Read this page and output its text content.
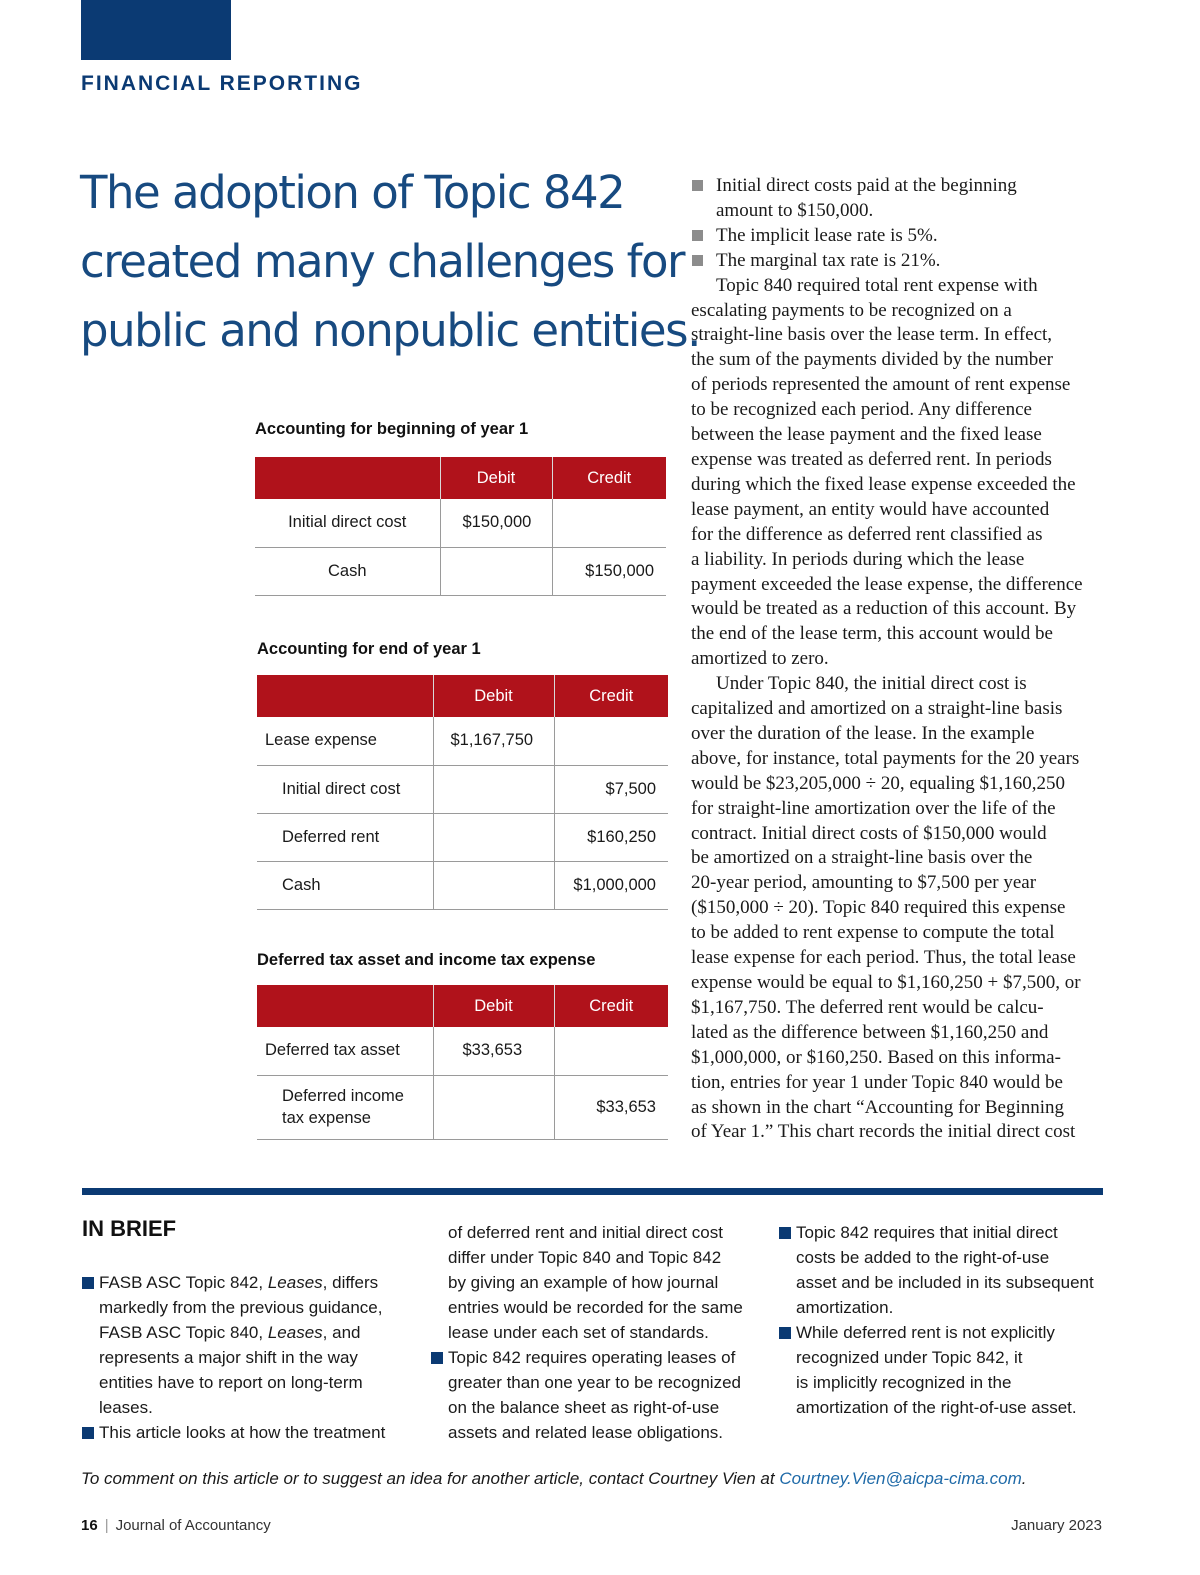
FINANCIAL REPORTING
The adoption of Topic 842
created many challenges for
public and nonpublic entities.
Accounting for beginning of year 1
	Debit	Credit
Initial direct cost	$150,000	
Cash		$150,000
Accounting for end of year 1
	Debit	Credit
Lease expense	$1,167,750	
Initial direct cost		$7,500
Deferred rent		$160,250
Cash		$1,000,000
Deferred tax asset and income tax expense
	Debit	Credit
Deferred tax asset	$33,653	

Deferred income
tax expense		$33,653
Initial direct costs paid at the beginning
amount to $150,000.
The implicit lease rate is 5%.
The marginal tax rate is 21%.
Topic 840 required total rent expense with
escalating payments to be recognized on a
straight-line basis over the lease term. In effect,
the sum of the payments divided by the number
of periods represented the amount of rent expense
to be recognized each period. Any difference
between the lease payment and the fixed lease
expense was treated as deferred rent. In periods
during which the fixed lease expense exceeded the
lease payment, an entity would have accounted
for the difference as deferred rent classified as
a liability. In periods during which the lease
payment exceeded the lease expense, the difference
would be treated as a reduction of this account. By
the end of the lease term, this account would be
amortized to zero.
Under Topic 840, the initial direct cost is
capitalized and amortized on a straight-line basis
over the duration of the lease. In the example
above, for instance, total payments for the 20 years
would be $23,205,000 ÷ 20, equaling $1,160,250
for straight-line amortization over the life of the
contract. Initial direct costs of $150,000 would
be amortized on a straight-line basis over the
20-year period, amounting to $7,500 per year
($150,000 ÷ 20). Topic 840 required this expense
to be added to rent expense to compute the total
lease expense for each period. Thus, the total lease
expense would be equal to $1,160,250 + $7,500, or
$1,167,750. The deferred rent would be calcu-
lated as the difference between $1,160,250 and
$1,000,000, or $160,250. Based on this informa-
tion, entries for year 1 under Topic 840 would be
as shown in the chart “Accounting for Beginning
of Year 1.” This chart records the initial direct cost
IN BRIEF
FASB ASC Topic 842, Leases, differs
markedly from the previous guidance,
FASB ASC Topic 840, Leases, and
represents a major shift in the way
entities have to report on long-term
leases.
This article looks at how the treatment
of deferred rent and initial direct cost
differ under Topic 840 and Topic 842
by giving an example of how journal
entries would be recorded for the same
lease under each set of standards.
Topic 842 requires operating leases of
greater than one year to be recognized
on the balance sheet as right-of-use
assets and related lease obligations.
Topic 842 requires that initial direct
costs be added to the right-of-use
asset and be included in its subsequent
amortization.
While deferred rent is not explicitly
recognized under Topic 842, it
is implicitly recognized in the
amortization of the right-of-use asset.
To comment on this article or to suggest an idea for another article, contact Courtney Vien at Courtney.Vien@aicpa-cima.com.
16 | Journal of Accountancy	January 2023
